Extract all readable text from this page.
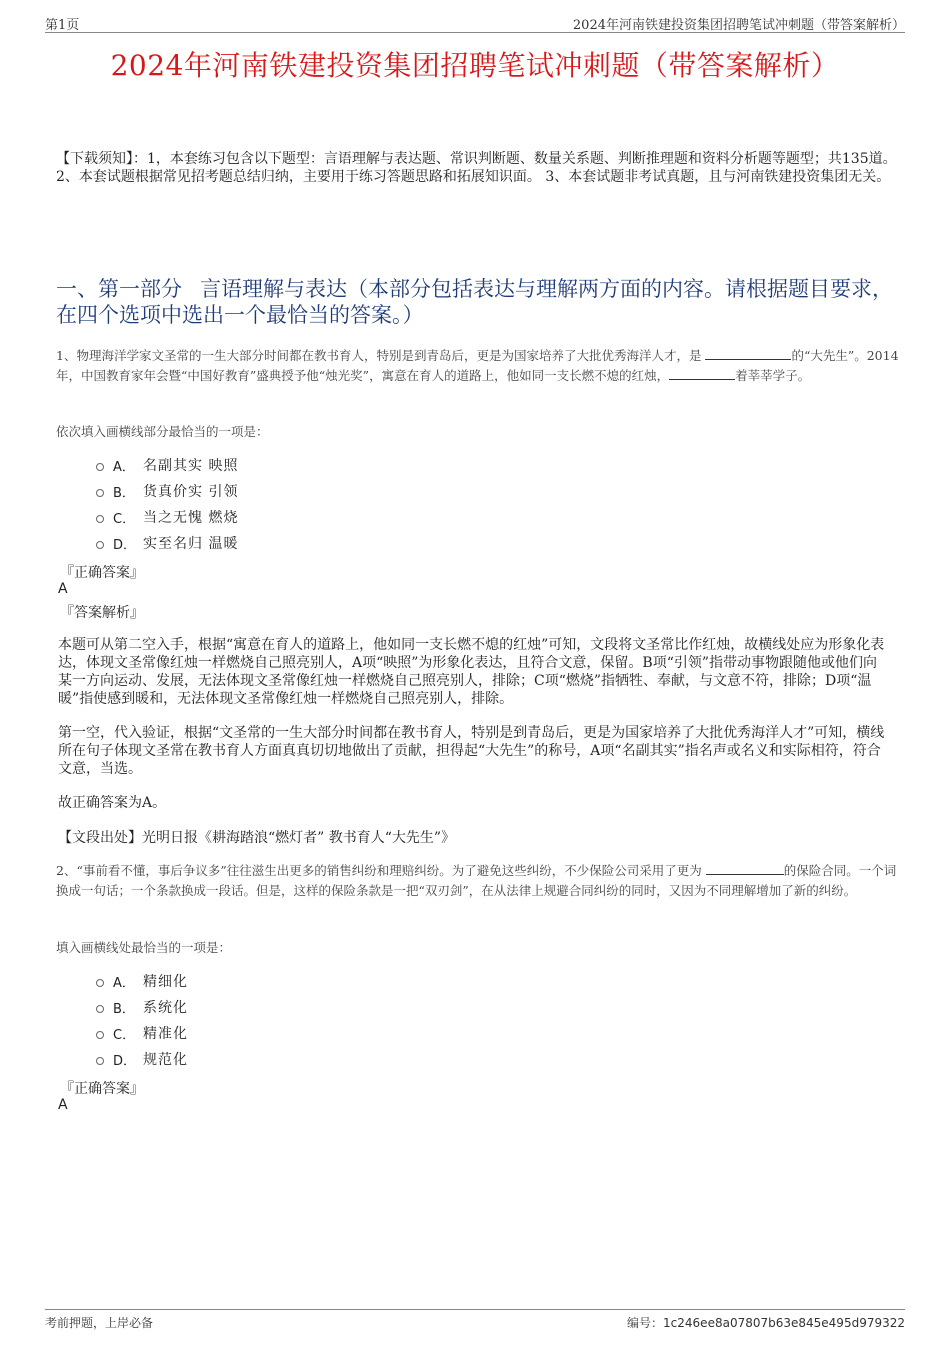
第1页	2024年河南铁建投资集团招聘笔试冲刺题（带答案解析）
2024年河南铁建投资集团招聘笔试冲刺题（带答案解析）
【下载须知】：1，本套练习包含以下题型：言语理解与表达题、常识判断题、数量关系题、判断推理题和资料分析题等题型；共135道。 2、本套试题根据常见招考题总结归纳，主要用于练习答题思路和拓展知识面。 3、本套试题非考试真题，且与河南铁建投资集团无关。
一、第一部分 言语理解与表达（本部分包括表达与理解两方面的内容。请根据题目要求，在四个选项中选出一个最恰当的答案。）
1、物理海洋学家文圣常的一生大部分时间都在教书育人，特别是到青岛后，更是为国家培养了大批优秀海洋人才，是	的“大先生”。2014年，中国教育家年会暨“中国好教育”盛典授予他“烛光奖”，寓意在育人的道路上，他如同一支长燃不熄的红烛，	着莘莘学子。
依次填入画横线部分最恰当的一项是：
A． 名副其实 映照
B． 货真价实 引领
C． 当之无愧 燃烧
D． 实至名归 温暖
『正确答案』
A
『答案解析』
本题可从第二空入手，根据“寓意在育人的道路上，他如同一支长燃不熄的红烛”可知，文段将文圣常比作红烛，故横线处应为形象化表达，体现文圣常像红烛一样燃烧自己照亮别人，A项“映照”为形象化表达，且符合文意，保留。B项“引领”指带动事物跟随他或他们向某一方向运动、发展，无法体现文圣常像红烛一样燃烧自己照亮别人，排除；C项“燃烧”指牺牲、奉献，与文意不符，排除；D项“温暖”指使感到暖和，无法体现文圣常像红烛一样燃烧自己照亮别人，排除。
第一空，代入验证，根据“文圣常的一生大部分时间都在教书育人，特别是到青岛后，更是为国家培养了大批优秀海洋人才”可知，横线所在句子体现文圣常在教书育人方面真真切切地做出了贡献，担得起“大先生”的称号，A项“名副其实”指名声或名义和实际相符，符合文意，当选。
故正确答案为A。
【文段出处】光明日报《耕海踏浪“燃灯者” 教书育人“大先生”》
2、“事前看不懂，事后争议多”往往滋生出更多的销售纠纷和理赔纠纷。为了避免这些纠纷，不少保险公司采用了更为	的保险合同。一个词换成一句话；一个条款换成一段话。但是，这样的保险条款是一把“双刃剑”，在从法律上规避合同纠纷的同时，又因为不同理解增加了新的纠纷。
填入画横线处最恰当的一项是：
A． 精细化
B． 系统化
C． 精准化
D． 规范化
『正确答案』
A
考前押题，上岸必备	编号：1c246ee8a07807b63e845e495d979322
